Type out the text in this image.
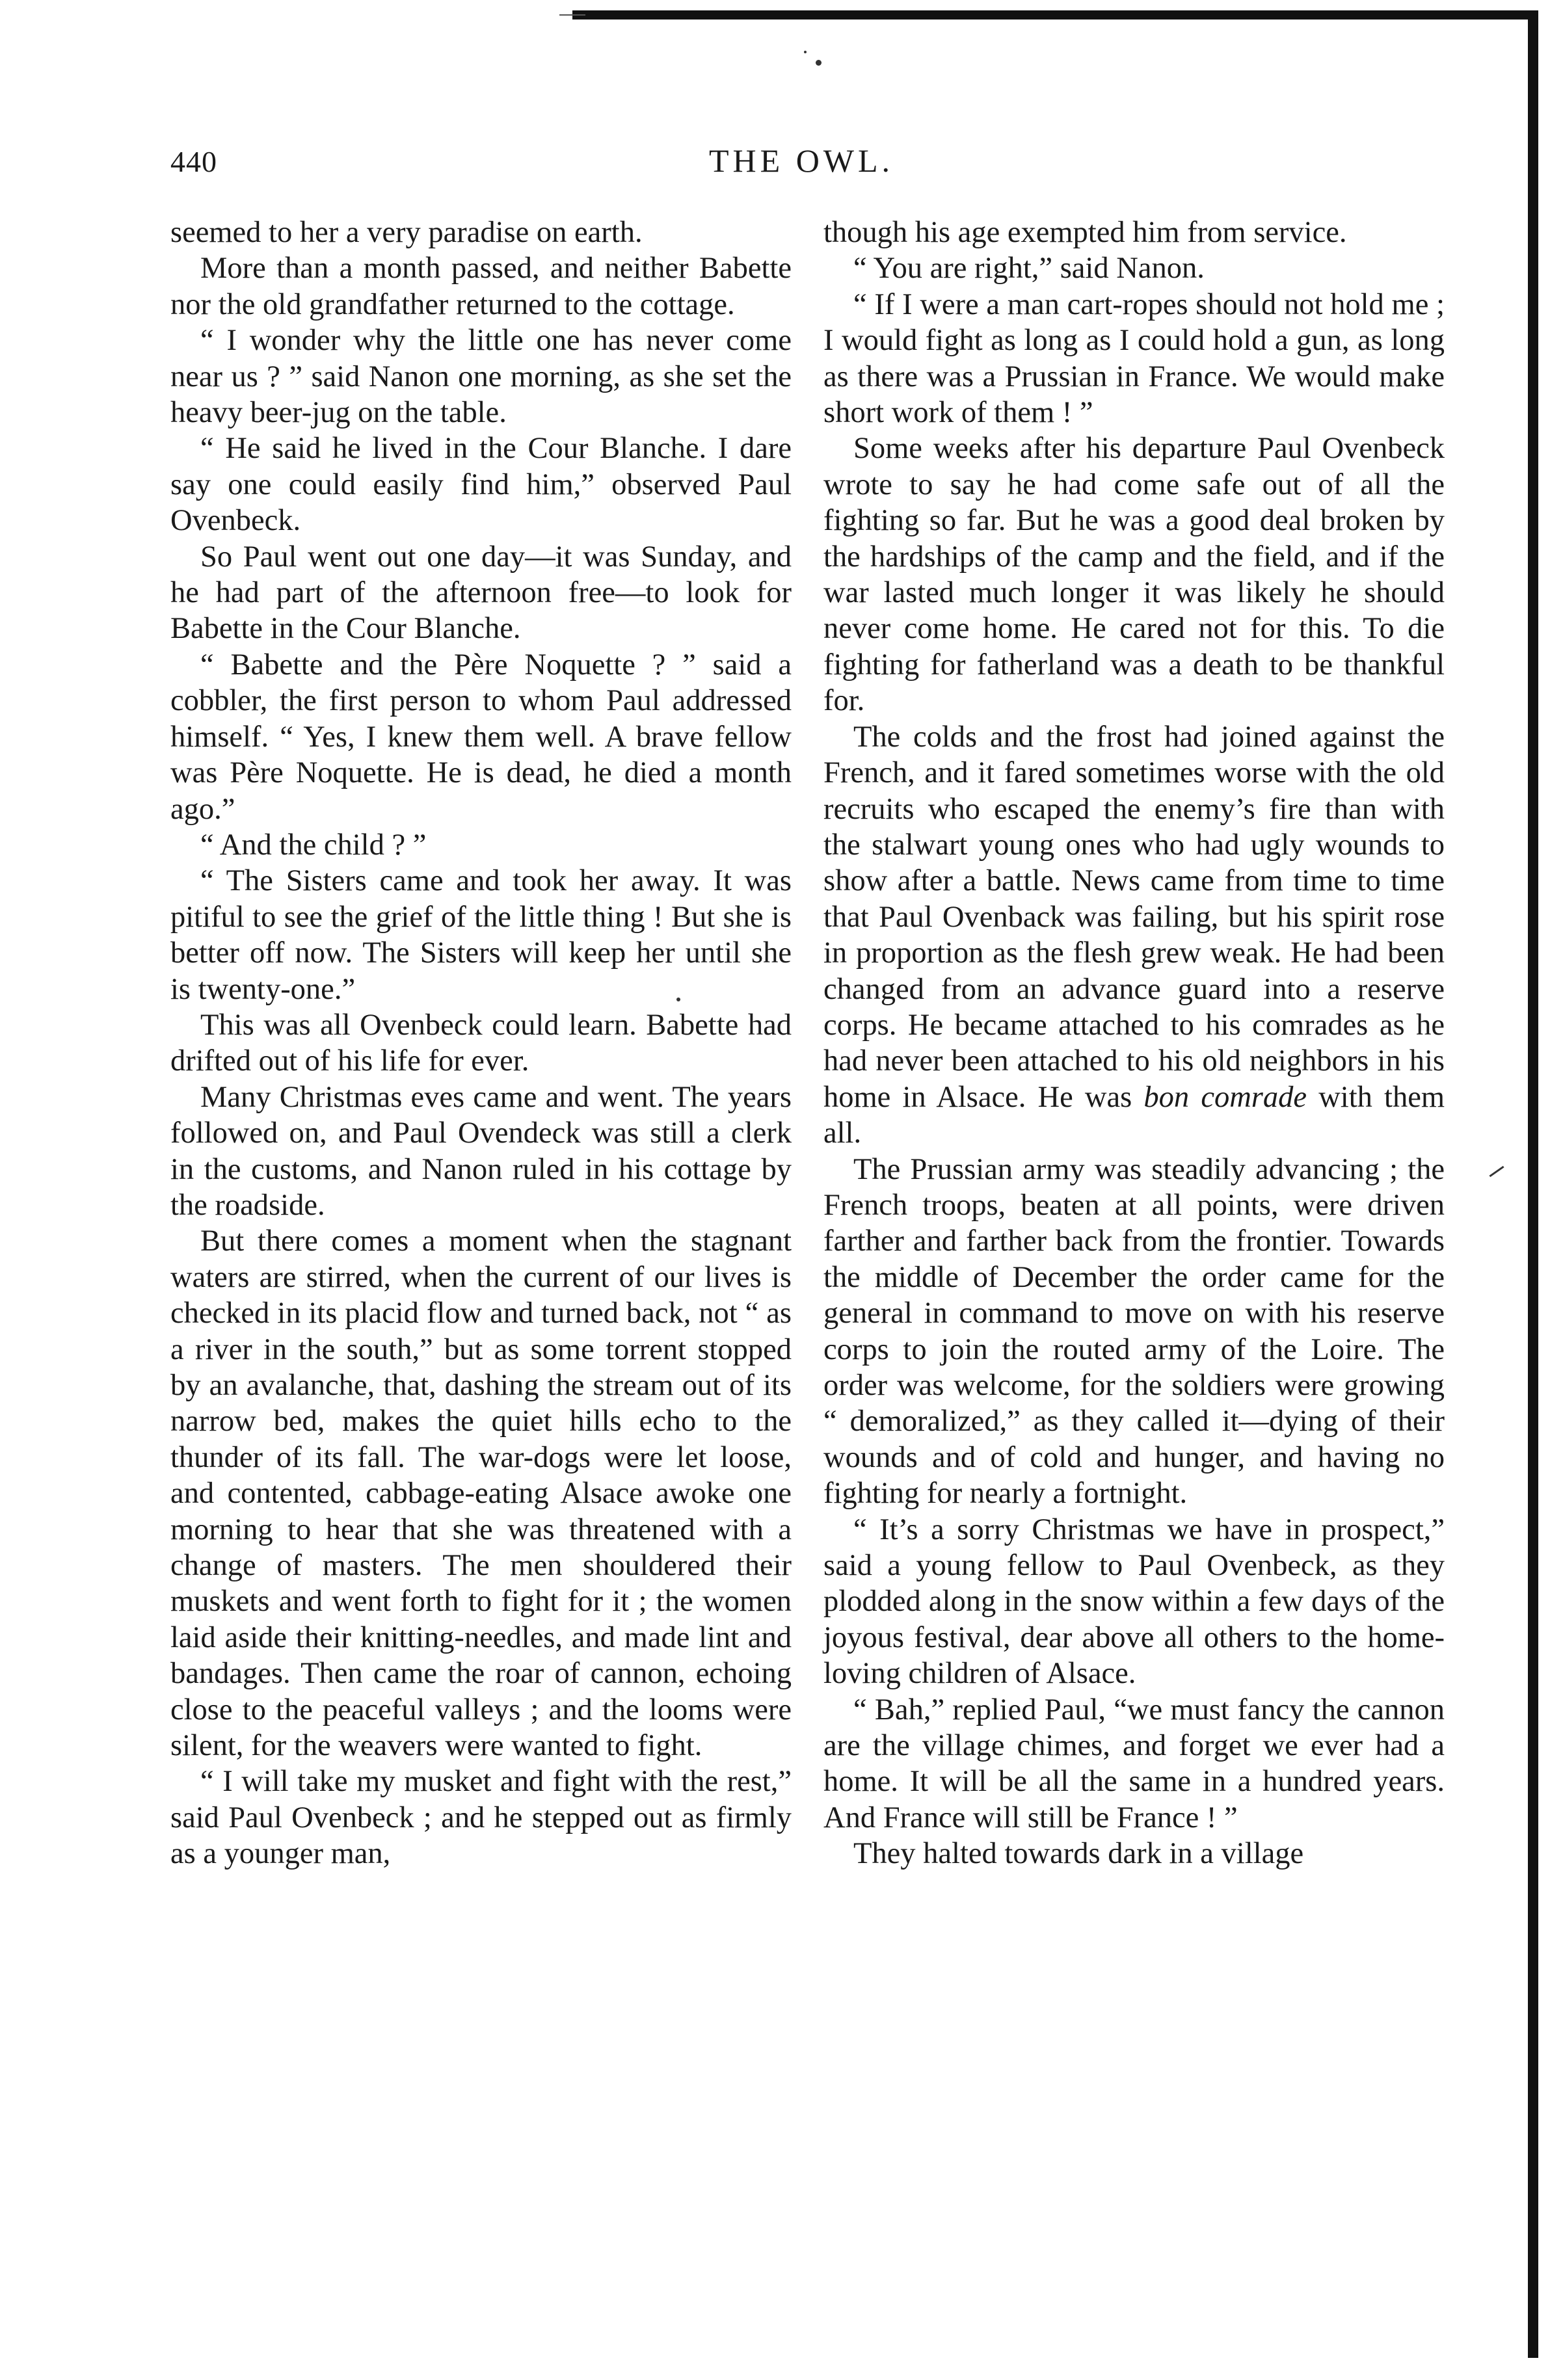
440	THE OWL.

seemed to her a very paradise on earth.

More than a month passed, and neither Babette nor the old grandfather returned to the cottage.

“ I wonder why the little one has never come near us ? ” said Nanon one morning, as she set the heavy beer-jug on the table.

“ He said he lived in the Cour Blanche. I dare say one could easily find him,” observed Paul Ovenbeck.

So Paul went out one day—it was Sunday, and he had part of the afternoon free—to look for Babette in the Cour Blanche.

“ Babette and the Père Noquette ? ” said a cobbler, the first person to whom Paul addressed himself. “ Yes, I knew them well. A brave fellow was Père Noquette. He is dead, he died a month ago.”

“ And the child ? ”

“ The Sisters came and took her away. It was pitiful to see the grief of the little thing ! But she is better off now. The Sisters will keep her until she is twenty-one.”

This was all Ovenbeck could learn. Babette had drifted out of his life for ever.

Many Christmas eves came and went. The years followed on, and Paul Ovendeck was still a clerk in the customs, and Nanon ruled in his cottage by the roadside.

But there comes a moment when the stagnant waters are stirred, when the current of our lives is checked in its placid flow and turned back, not “ as a river in the south,” but as some torrent stopped by an avalanche, that, dashing the stream out of its narrow bed, makes the quiet hills echo to the thunder of its fall. The war-dogs were let loose, and contented, cabbage-eating Alsace awoke one morning to hear that she was threatened with a change of masters. The men shouldered their muskets and went forth to fight for it ; the women laid aside their knitting-needles, and made lint and bandages. Then came the roar of cannon, echoing close to the peaceful valleys ; and the looms were silent, for the weavers were wanted to fight.

“ I will take my musket and fight with the rest,” said Paul Ovenbeck ; and he stepped out as firmly as a younger man,

though his age exempted him from service.

“ You are right,” said Nanon.

“ If I were a man cart-ropes should not hold me ; I would fight as long as I could hold a gun, as long as there was a Prussian in France. We would make short work of them ! ”

Some weeks after his departure Paul Ovenbeck wrote to say he had come safe out of all the fighting so far. But he was a good deal broken by the hardships of the camp and the field, and if the war lasted much longer it was likely he should never come home. He cared not for this. To die fighting for fatherland was a death to be thankful for.

The colds and the frost had joined against the French, and it fared sometimes worse with the old recruits who escaped the enemy’s fire than with the stalwart young ones who had ugly wounds to show after a battle. News came from time to time that Paul Ovenback was failing, but his spirit rose in proportion as the flesh grew weak. He had been changed from an advance guard into a reserve corps. He became attached to his comrades as he had never been attached to his old neighbors in his home in Alsace. He was bon comrade with them all.

The Prussian army was steadily advancing ; the French troops, beaten at all points, were driven farther and farther back from the frontier. Towards the middle of December the order came for the general in command to move on with his reserve corps to join the routed army of the Loire. The order was welcome, for the soldiers were growing “ demoralized,” as they called it—dying of their wounds and of cold and hunger, and having no fighting for nearly a fortnight.

“ It’s a sorry Christmas we have in prospect,” said a young fellow to Paul Ovenbeck, as they plodded along in the snow within a few days of the joyous festival, dear above all others to the home-loving children of Alsace.

“ Bah,” replied Paul, “we must fancy the cannon are the village chimes, and forget we ever had a home. It will be all the same in a hundred years. And France will still be France ! ”

They halted towards dark in a village
